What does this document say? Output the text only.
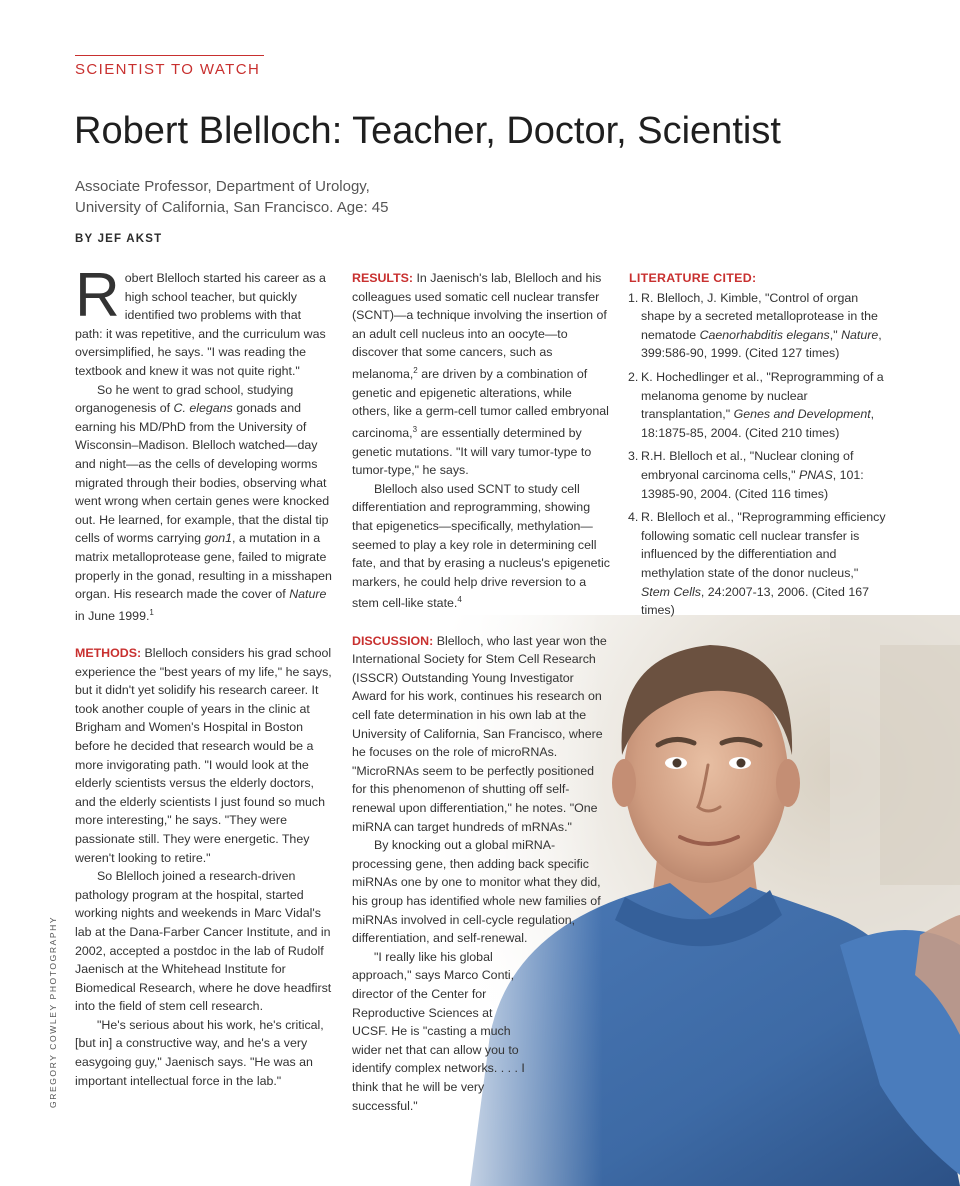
SCIENTIST TO WATCH
Robert Blelloch: Teacher, Doctor, Scientist
Associate Professor, Department of Urology,
University of California, San Francisco. Age: 45
BY JEF AKST
GREGORY COWLEY PHOTOGRAPHY

Robert Blelloch started his career as a high school teacher, but quickly identified two problems with that path: it was repetitive, and the curriculum was oversimplified, he says. "I was reading the textbook and knew it was not quite right."

So he went to grad school, studying organogenesis of C. elegans gonads and earning his MD/PhD from the University of Wisconsin–Madison. Blelloch watched—day and night—as the cells of developing worms migrated through their bodies, observing what went wrong when certain genes were knocked out. He learned, for example, that the distal tip cells of worms carrying gon1, a mutation in a matrix metalloprotease gene, failed to migrate properly in the gonad, resulting in a misshapen organ. His research made the cover of Nature in June 1999.$^1$

METHODS: Blelloch considers his grad school experience the "best years of my life," he says, but it didn't yet solidify his research career. It took another couple of years in the clinic at Brigham and Women's Hospital in Boston before he decided that research would be a more invigorating path. "I would look at the elderly scientists versus the elderly doctors, and the elderly scientists I just found so much more interesting," he says. "They were passionate still. They were energetic. They weren't looking to retire."

So Blelloch joined a research-driven pathology program at the hospital, started working nights and weekends in Marc Vidal's lab at the Dana-Farber Cancer Institute, and in 2002, accepted a postdoc in the lab of Rudolf Jaenisch at the Whitehead Institute for Biomedical Research, where he dove headfirst into the field of stem cell research.

"He's serious about his work, he's critical, [but in] a constructive way, and he's a very easygoing guy," Jaenisch says. "He was an important intellectual force in the lab."

RESULTS: In Jaenisch's lab, Blelloch and his colleagues used somatic cell nuclear transfer (SCNT)—a technique involving the insertion of an adult cell nucleus into an oocyte—to discover that some cancers, such as melanoma,$^2$ are driven by a combination of genetic and epigenetic alterations, while others, like a germ-cell tumor called embryonal carcinoma,$^3$ are essentially determined by genetic mutations. "It will vary tumor-type to tumor-type," he says.

Blelloch also used SCNT to study cell differentiation and reprogramming, showing that epigenetics—specifically, methylation—seemed to play a key role in determining cell fate, and that by erasing a nucleus's epigenetic markers, he could help drive reversion to a stem cell-like state.$^4$

DISCUSSION: Blelloch, who last year won the International Society for Stem Cell Research (ISSCR) Outstanding Young Investigator Award for his work, continues his research on cell fate determination in his own lab at the University of California, San Francisco, where he focuses on the role of microRNAs. "MicroRNAs seem to be perfectly positioned for this phenomenon of shutting off self-renewal upon differentiation," he notes. "One miRNA can target hundreds of mRNAs."

By knocking out a global miRNA-processing gene, then adding back specific miRNAs one by one to monitor what they did, his group has identified whole new families of miRNAs involved in cell-cycle regulation, differentiation, and self-renewal.

"I really like his global approach," says Marco Conti, director of the Center for Reproductive Sciences at UCSF. He is "casting a much wider net that can allow you to identify complex networks. . . . I think that he will be very successful."

LITERATURE CITED:
1. R. Blelloch, J. Kimble, "Control of organ shape by a secreted metalloprotease in the nematode Caenorhabditis elegans," Nature, 399:586-90, 1999. (Cited 127 times)
2. K. Hochedlinger et al., "Reprogramming of a melanoma genome by nuclear transplantation," Genes and Development, 18:1875-85, 2004. (Cited 210 times)
3. R.H. Blelloch et al., "Nuclear cloning of embryonal carcinoma cells," PNAS, 101: 13985-90, 2004. (Cited 116 times)
4. R. Blelloch et al., "Reprogramming efficiency following somatic cell nuclear transfer is influenced by the differentiation and methylation state of the donor nucleus," Stem Cells, 24:2007-13, 2006. (Cited 167 times)
